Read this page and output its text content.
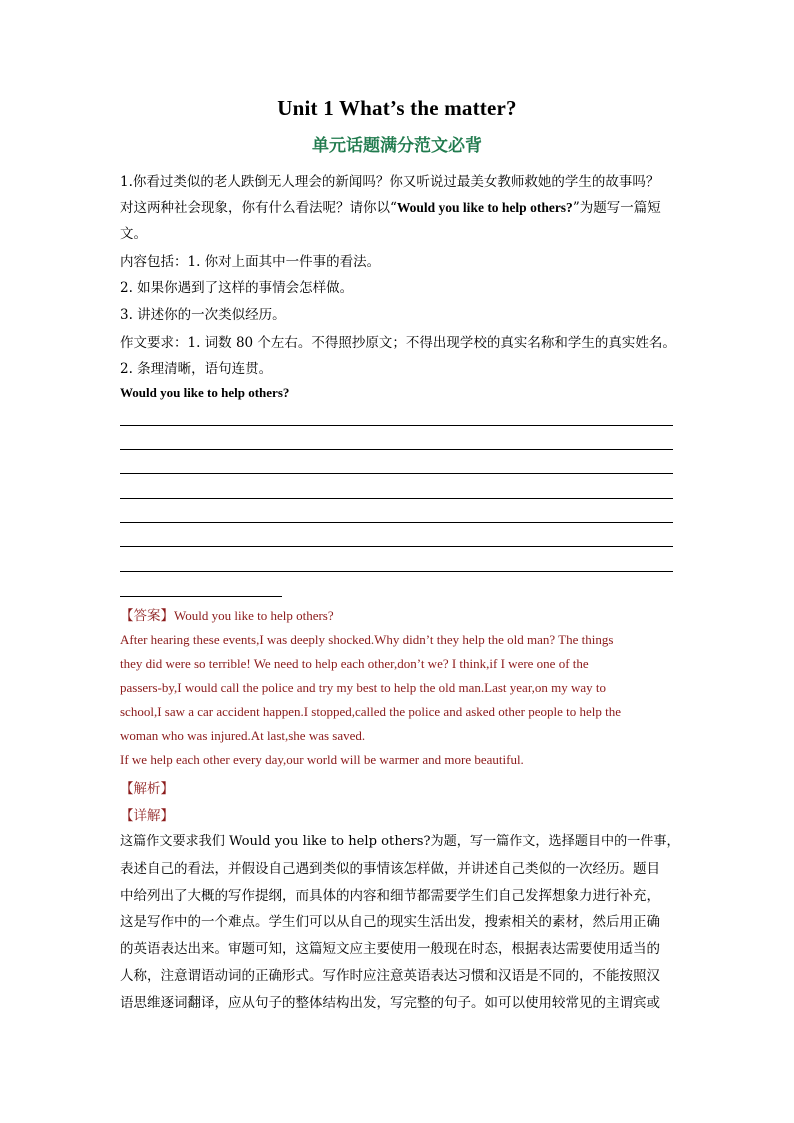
Unit 1 What’s the matter?
单元话题满分范文必背
1.你看过类似的老人跌倒无人理会的新闻吗？你又听说过最美女教师救她的学生的故事吗？
对这两种社会现象，你有什么看法呢？请你以“Would you like to help others?”为题写一篇短
文。
内容包括：1. 你对上面其中一件事的看法。
2. 如果你遇到了这样的事情会怎样做。
3. 讲述你的一次类似经历。
作文要求：1. 词数 80 个左右。不得照抄原文；不得出现学校的真实名称和学生的真实姓名。
2. 条理清晰，语句连贯。
Would you like to help others?
【答案】Would you like to help others?
After hearing these events,I was deeply shocked.Why didn’t they help the old man? The things
they did were so terrible! We need to help each other,don’t we? I think,if I were one of the
passers-by,I would call the police and try my best to help the old man.Last year,on my way to
school,I saw a car accident happen.I stopped,called the police and asked other people to help the
woman who was injured.At last,she was saved.
If we help each other every day,our world will be warmer and more beautiful.
【解析】
【详解】
这篇作文要求我们 Would you like to help others?为题，写一篇作文，选择题目中的一件事，
表述自己的看法，并假设自己遇到类似的事情该怎样做，并讲述自己类似的一次经历。题目
中给列出了大概的写作提纲，而具体的内容和细节都需要学生们自己发挥想象力进行补充，
这是写作中的一个难点。学生们可以从自己的现实生活出发，搜索相关的素材，然后用正确
的英语表达出来。审题可知，这篇短文应主要使用一般现在时态，根据表达需要使用适当的
人称，注意谓语动词的正确形式。写作时应注意英语表达习惯和汉语是不同的，不能按照汉
语思维逐词翻译，应从句子的整体结构出发，写完整的句子。如可以使用较常见的主谓宾或
